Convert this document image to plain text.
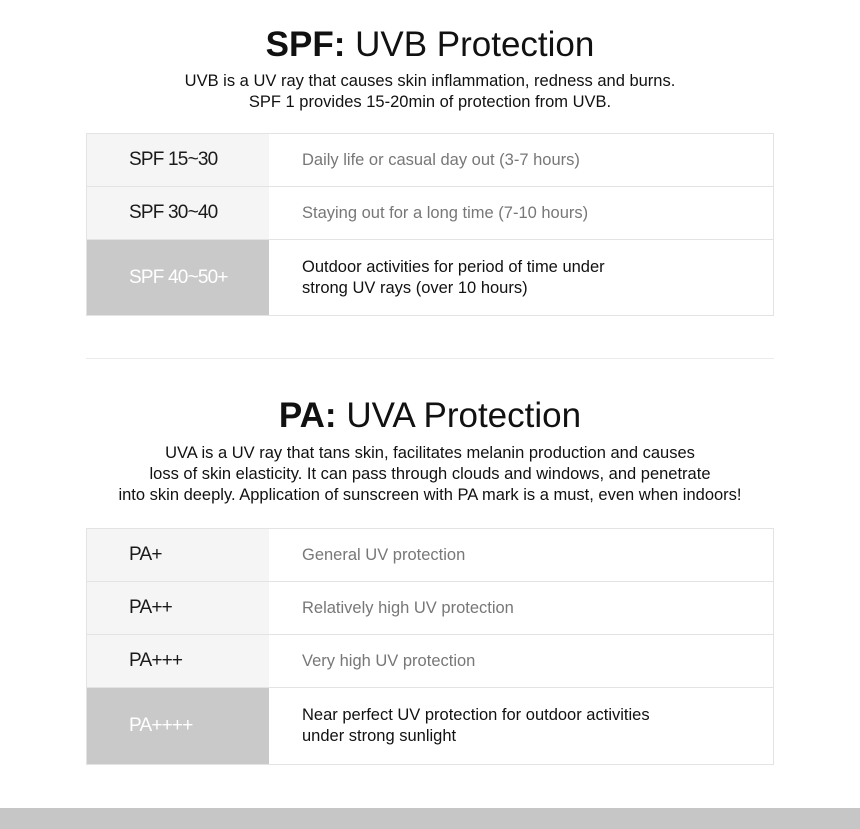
SPF: UVB Protection
UVB is a UV ray that causes skin inflammation, redness and burns.
SPF 1 provides 15-20min of protection from UVB.
SPF 15~30	Daily life or casual day out (3-7 hours)
SPF 30~40	Staying out for a long time (7-10 hours)
SPF 40~50+	Outdoor activities for period of time under
strong UV rays (over 10 hours)
PA: UVA Protection
UVA is a UV ray that tans skin, facilitates melanin production and causes
loss of skin elasticity. It can pass through clouds and windows, and penetrate
into skin deeply. Application of sunscreen with PA mark is a must, even when indoors!
PA+	General UV protection
PA++	Relatively high UV protection
PA+++	Very high UV protection
PA++++	Near perfect UV protection for outdoor activities
under strong sunlight
